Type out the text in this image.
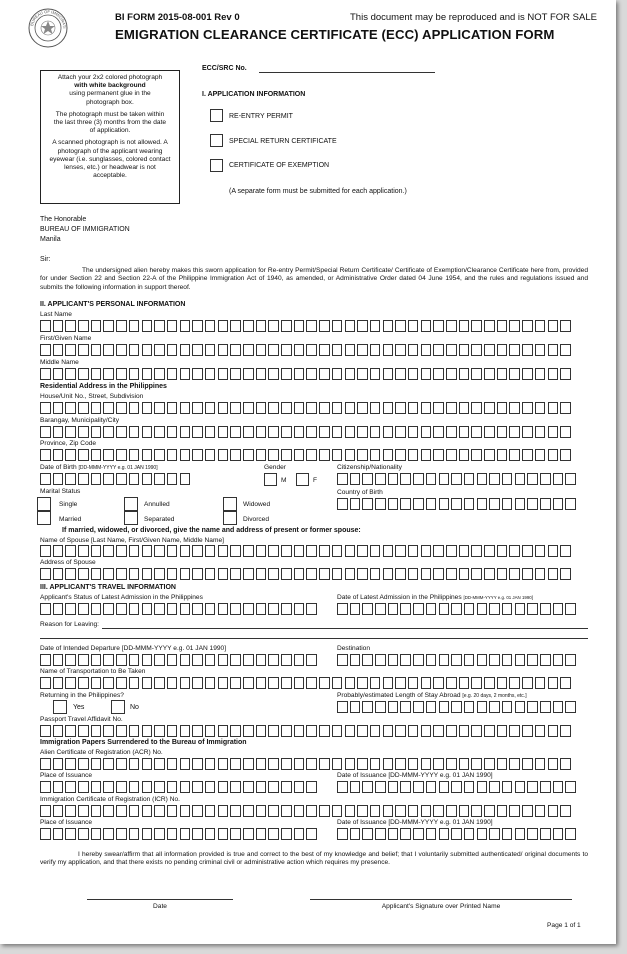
BUREAU OF IMMIGRATI
BI FORM 2015-08-001 Rev 0	This document may be reproduced and is NOT FOR SALE
EMIGRATION CLEARANCE CERTIFICATE (ECC) APPLICATION FORM

Attach your 2x2 colored photograph
with white background
using permanent glue in the photograph box.

The photograph must be taken within the last three (3) months from the date of application.

A scanned photograph is not allowed. A photograph of the applicant wearing eyewear (i.e. sunglasses, colored contact lenses, etc.) or headwear is not acceptable.

ECC/SRC No.
I. APPLICATION INFORMATION
RE-ENTRY PERMIT
SPECIAL RETURN CERTIFICATE
CERTIFICATE OF EXEMPTION
(A separate form must be submitted for each application.)
The Honorable
BUREAU OF IMMIGRATION
Manila
Sir:
The undersigned alien hereby makes this sworn application for Re-entry Permit/Special Return Certificate/ Certificate of Exemption/Clearance Certificate here from, provided for under Section 22 and Section 22-A of the Philippine Immigration Act of 1940, as amended, or Administrative Order dated 04 June 1954, and the rules and regulations issued and submits the following information in support thereof.
II. APPLICANT'S PERSONAL INFORMATION
Last Name
First/Given Name
Middle Name
Residential Address in the Philippines
House/Unit No., Street, Subdivision
Barangay, Municipality/City
Province, Zip Code
Date of Birth [DD-MMM-YYYY e.g. 01 JAN 1990]	Gender
M	F
Citizenship/Nationality
Marital Status
Single
Married
Annulled
Separated
Widowed
Divorced
Country of Birth
If married, widowed, or divorced, give the name and address of present or former spouse:
Name of Spouse [Last Name, First/Given Name, Middle Name]
Address of Spouse
III. APPLICANT'S TRAVEL INFORMATION
Applicant's Status of Latest Admission in the Philippines	Date of Latest Admission in the Philippines [DD-MMM-YYYY e.g. 01 JAN 1990]
Reason for Leaving:
Date of Intended Departure [DD-MMM-YYYY e.g. 01 JAN 1990]	Destination
Name of Transportation to Be Taken
Returning in the Philippines?
Yes	No
Probably/estimated Length of Stay Abroad [e.g. 20 days, 2 months, etc.]
Passport Travel Affidavit No.
Immigration Papers Surrendered to the Bureau of Immigration
Alien Certificate of Registration (ACR) No.
Place of Issuance	Date of Issuance [DD-MMM-YYYY e.g. 01 JAN 1990]
Immigration Certificate of Registration (ICR) No.
Place of Issuance	Date of Issuance [DD-MMM-YYYY e.g. 01 JAN 1990]
I hereby swear/affirm that all information provided is true and correct to the best of my knowledge and belief; that I voluntarily submitted authenticated/ original documents to verify my application, and that there exists no pending criminal civil or administrative action which requires my presence.
Date	Applicant's Signature over Printed Name
Page 1 of 1
